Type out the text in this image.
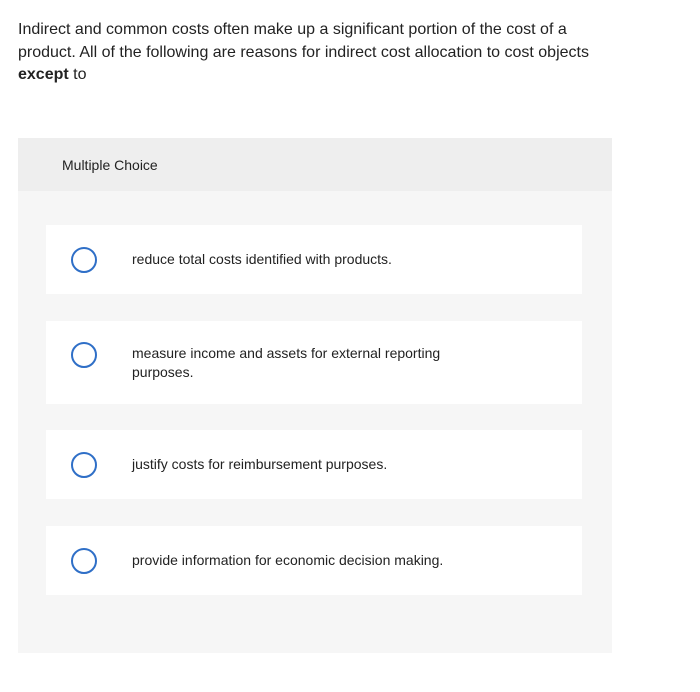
Indirect and common costs often make up a significant portion of the cost of a product. All of the following are reasons for indirect cost allocation to cost objects except to
Multiple Choice
reduce total costs identified with products.
measure income and assets for external reporting purposes.
justify costs for reimbursement purposes.
provide information for economic decision making.
